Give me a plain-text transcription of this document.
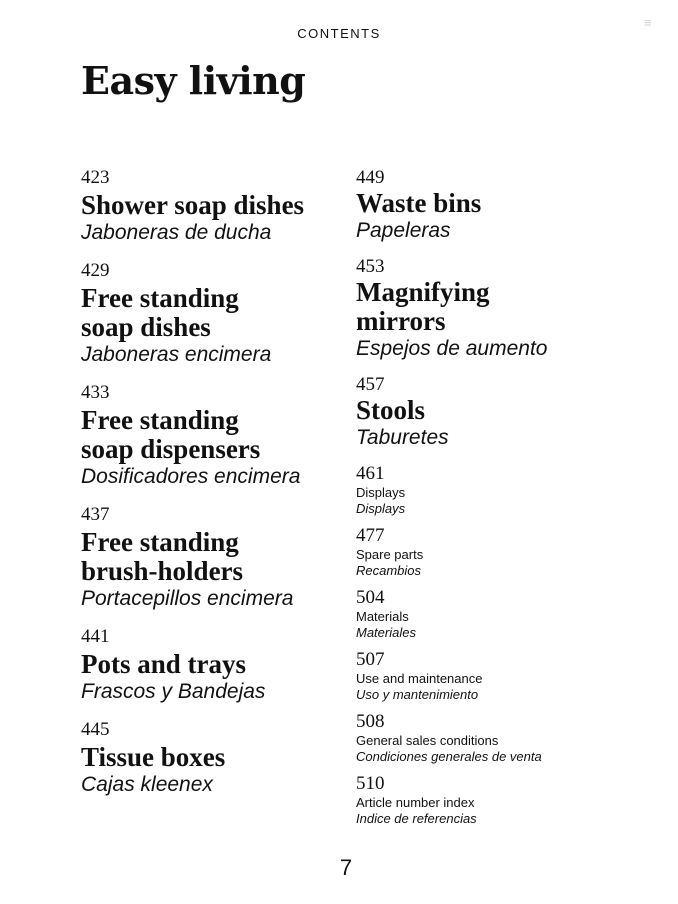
CONTENTS
≡
Easy living

423

Shower soap dishes

Jaboneras de ducha

429

Free standing

soap dishes

Jaboneras encimera

433

Free standing

soap dispensers

Dosificadores encimera

437

Free standing

brush-holders

Portacepillos encimera

441

Pots and trays

Frascos y Bandejas

445

Tissue boxes

Cajas kleenex

449

Waste bins

Papeleras

453

Magnifying

mirrors

Espejos de aumento

457

Stools

Taburetes

461

Displays

Displays

477

Spare parts

Recambios

504

Materials

Materiales

507

Use and maintenance

Uso y mantenimiento

508

General sales conditions

Condiciones generales de venta

510

Article number index

Indice de referencias

7
